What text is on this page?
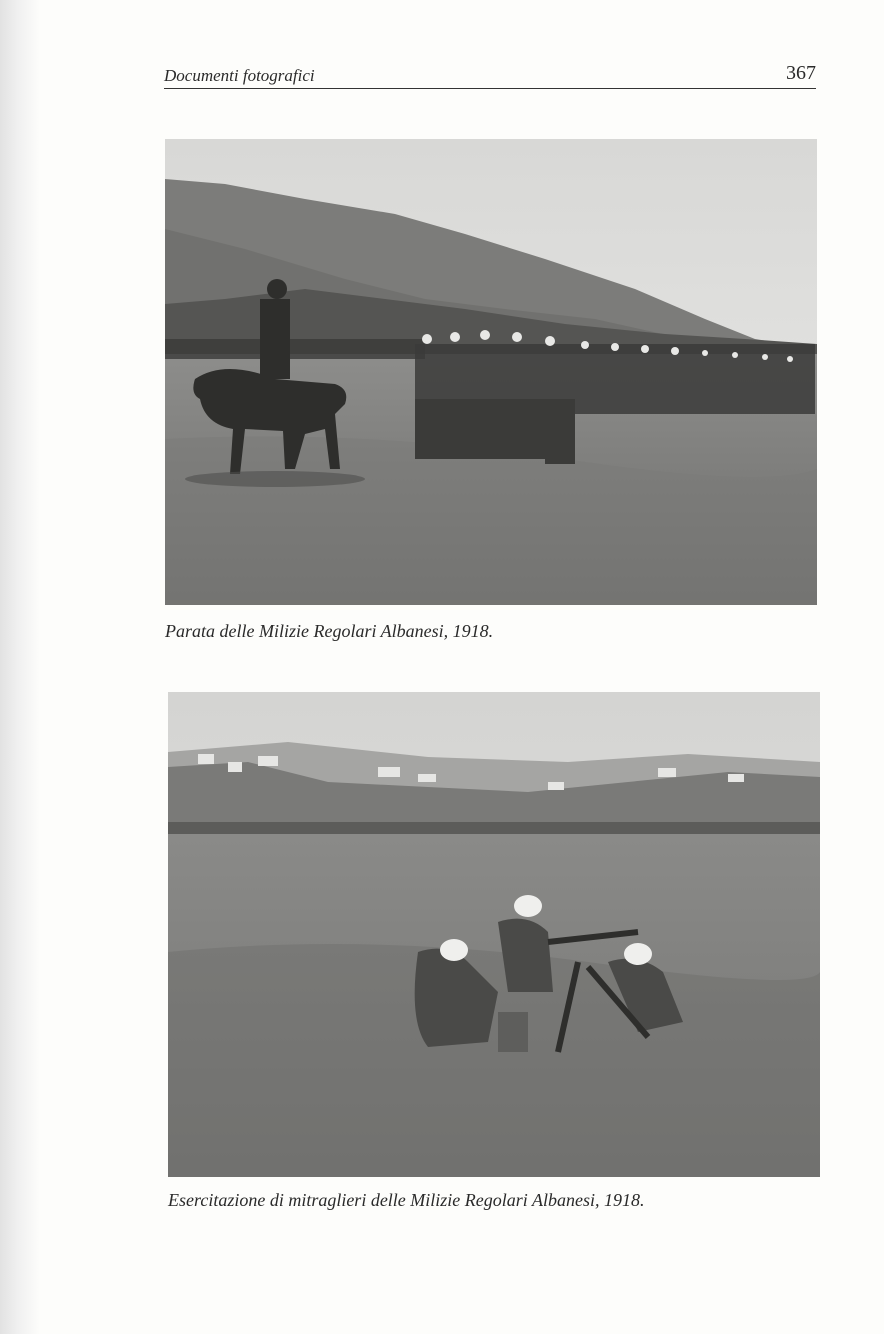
Documenti fotografici	367
Parata delle Milizie Regolari Albanesi, 1918.
Esercitazione di mitraglieri delle Milizie Regolari Albanesi, 1918.
